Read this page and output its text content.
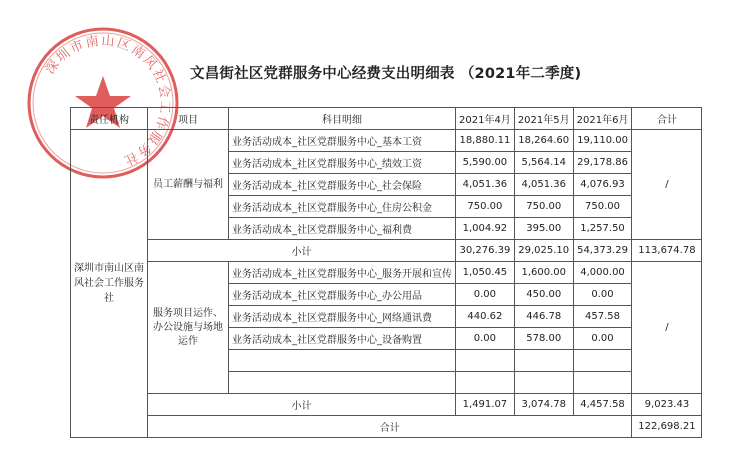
文昌街社区党群服务中心经费支出明细表 （2021年二季度)
深圳市南山区南风社会工作服务社
责任机构	项目	科目明细	2021年4月	2021年5月	2021年6月	合计
深圳市南山区南风社会工作服务社	员工薪酬与福利	业务活动成本_社区党群服务中心_基本工资	18,880.11	18,264.60	19,110.00	/
		业务活动成本_社区党群服务中心_绩效工资	5,590.00	5,564.14	29,178.86	
		业务活动成本_社区党群服务中心_社会保险	4,051.36	4,051.36	4,076.93	
		业务活动成本_社区党群服务中心_住房公积金	750.00	750.00	750.00	
		业务活动成本_社区党群服务中心_福利费	1,004.92	395.00	1,257.50	
	小计		30,276.39	29,025.10	54,373.29	113,674.78
	服务项目运作、办公设施与场地运作	业务活动成本_社区党群服务中心_服务开展和宣传	1,050.45	1,600.00	4,000.00	/
		业务活动成本_社区党群服务中心_办公用品	0.00	450.00	0.00	
		业务活动成本_社区党群服务中心_网络通讯费	440.62	446.78	457.58	
		业务活动成本_社区党群服务中心_设备购置	0.00	578.00	0.00	

	小计		1,491.07	3,074.78	4,457.58	9,023.43
	合计					122,698.21
